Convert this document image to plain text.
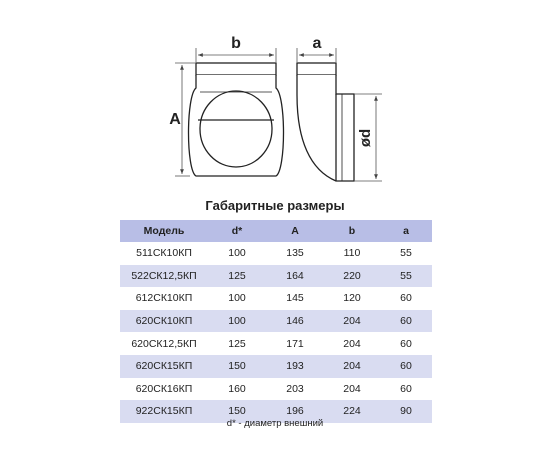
b
A
a
ød
Габаритные размеры
Модель	d*	A	b	a
511СК10КП	100	135	110	55
522СК12,5КП	125	164	220	55
612СК10КП	100	145	120	60
620СК10КП	100	146	204	60
620СК12,5КП	125	171	204	60
620СК15КП	150	193	204	60
620СК16КП	160	203	204	60
922СК15КП	150	196	224	90
d* - диаметр внешний
